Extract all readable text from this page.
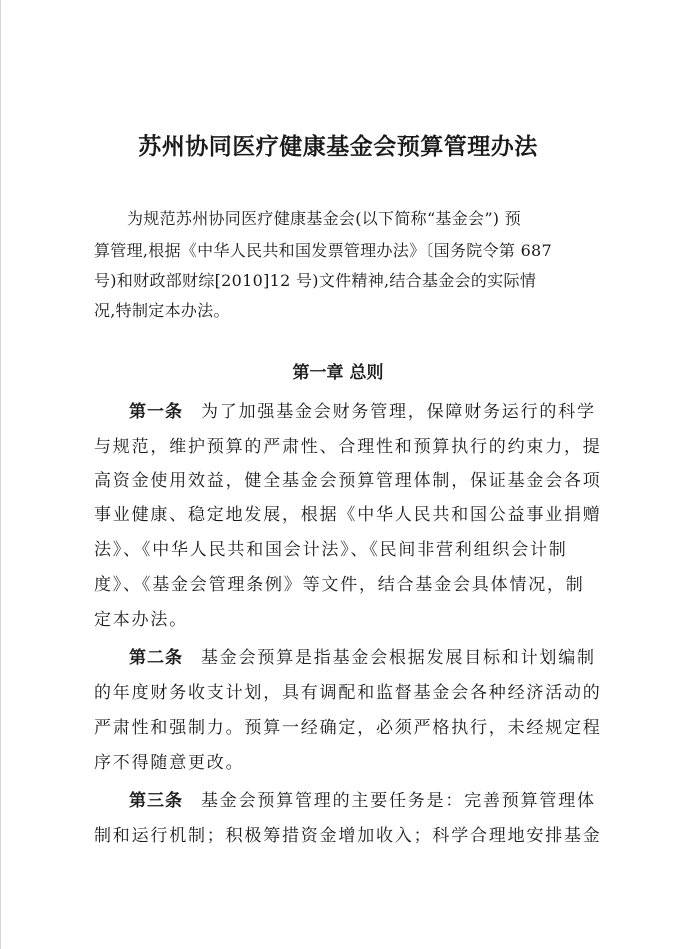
苏州协同医疗健康基金会预算管理办法
为规范苏州协同医疗健康基金会(以下简称“基金会”) 预
算管理,根据《中华人民共和国发票管理办法》〔国务院令第 687
号)和财政部财综[2010]12 号)文件精神,结合基金会的实际情
况,特制定本办法。
第一章 总则
第一条 为了加强基金会财务管理，保障财务运行的科学
与规范，维护预算的严肃性、合理性和预算执行的约束力，提
高资金使用效益，健全基金会预算管理体制，保证基金会各项
事业健康、稳定地发展，根据《中华人民共和国公益事业捐赠
法》、《中华人民共和国会计法》、《民间非营利组织会计制
度》、《基金会管理条例》等文件，结合基金会具体情况，制
定本办法。
第二条 基金会预算是指基金会根据发展目标和计划编制
的年度财务收支计划，具有调配和监督基金会各种经济活动的
严肃性和强制力。预算一经确定，必须严格执行，未经规定程
序不得随意更改。
第三条 基金会预算管理的主要任务是：完善预算管理体
制和运行机制；积极筹措资金增加收入；科学合理地安排基金
